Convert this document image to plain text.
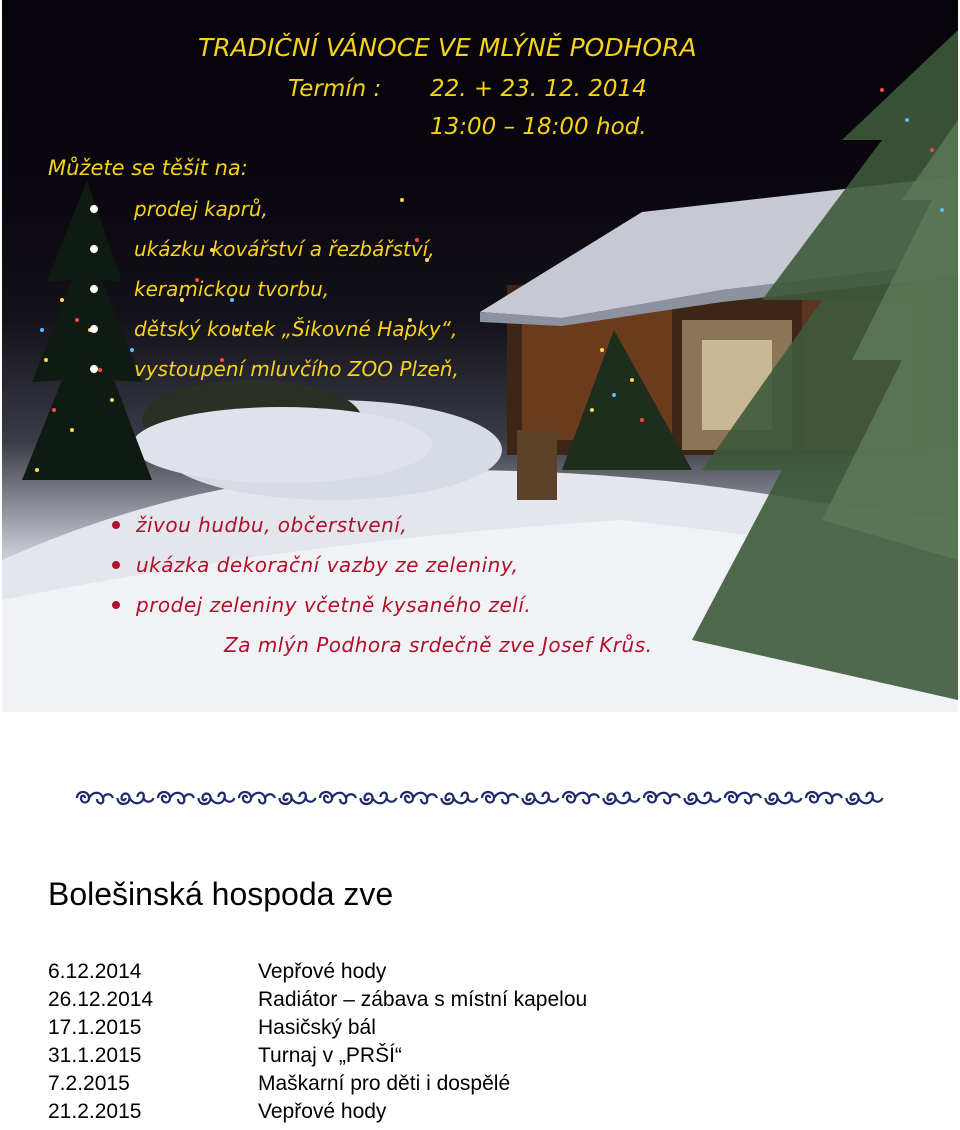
TRADIČNÍ VÁNOCE VE MLÝNĚ PODHORA

Termín : 22. + 23. 12. 2014

13:00 – 18:00 hod.

Můžete se těšit na:

prodej kaprů,
ukázku kovářství a řezbářství,
keramickou tvorbu,
dětský koutek „Šikovné Hapky“,
vystoupení mluvčího ZOO Plzeň,
živou hudbu, občerstvení,
ukázka dekorační vazby ze zeleniny,
prodej zeleniny včetně kysaného zelí.

Za mlýn Podhora srdečně zve Josef Krůs.

Bolešinská hospoda zve
6.12.2014	Vepřové hody
26.12.2014	Radiátor – zábava s místní kapelou
17.1.2015	Hasičský bál
31.1.2015	Turnaj v „PRŠÍ“
7.2.2015	Maškarní pro děti i dospělé
21.2.2015	Vepřové hody
